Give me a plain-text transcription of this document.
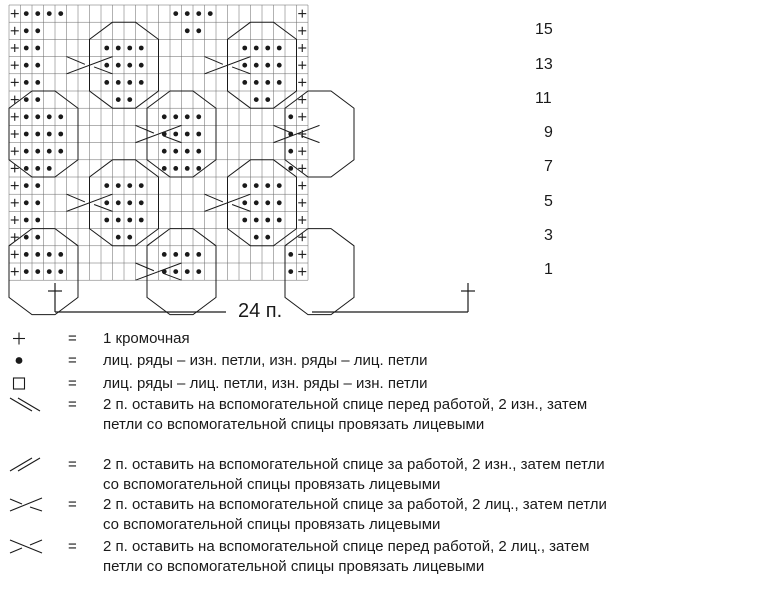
15
13
11
9
7
5
3
1
24 п.
= 1 кромочная
= лиц. ряды – изн. петли, изн. ряды – лиц. петли
= лиц. ряды – лиц. петли, изн. ряды – изн. петли
= 2 п. оставить на вспомогательной спице перед работой, 2 изн., затем
петли со вспомогательной спицы провязать лицевыми
= 2 п. оставить на вспомогательной спице за работой, 2 изн., затем петли
со вспомогательной спицы провязать лицевыми
= 2 п. оставить на вспомогательной спице за работой, 2 лиц., затем петли
со вспомогательной спицы провязать лицевыми
= 2 п. оставить на вспомогательной спице перед работой, 2 лиц., затем
петли со вспомогательной спицы провязать лицевыми
